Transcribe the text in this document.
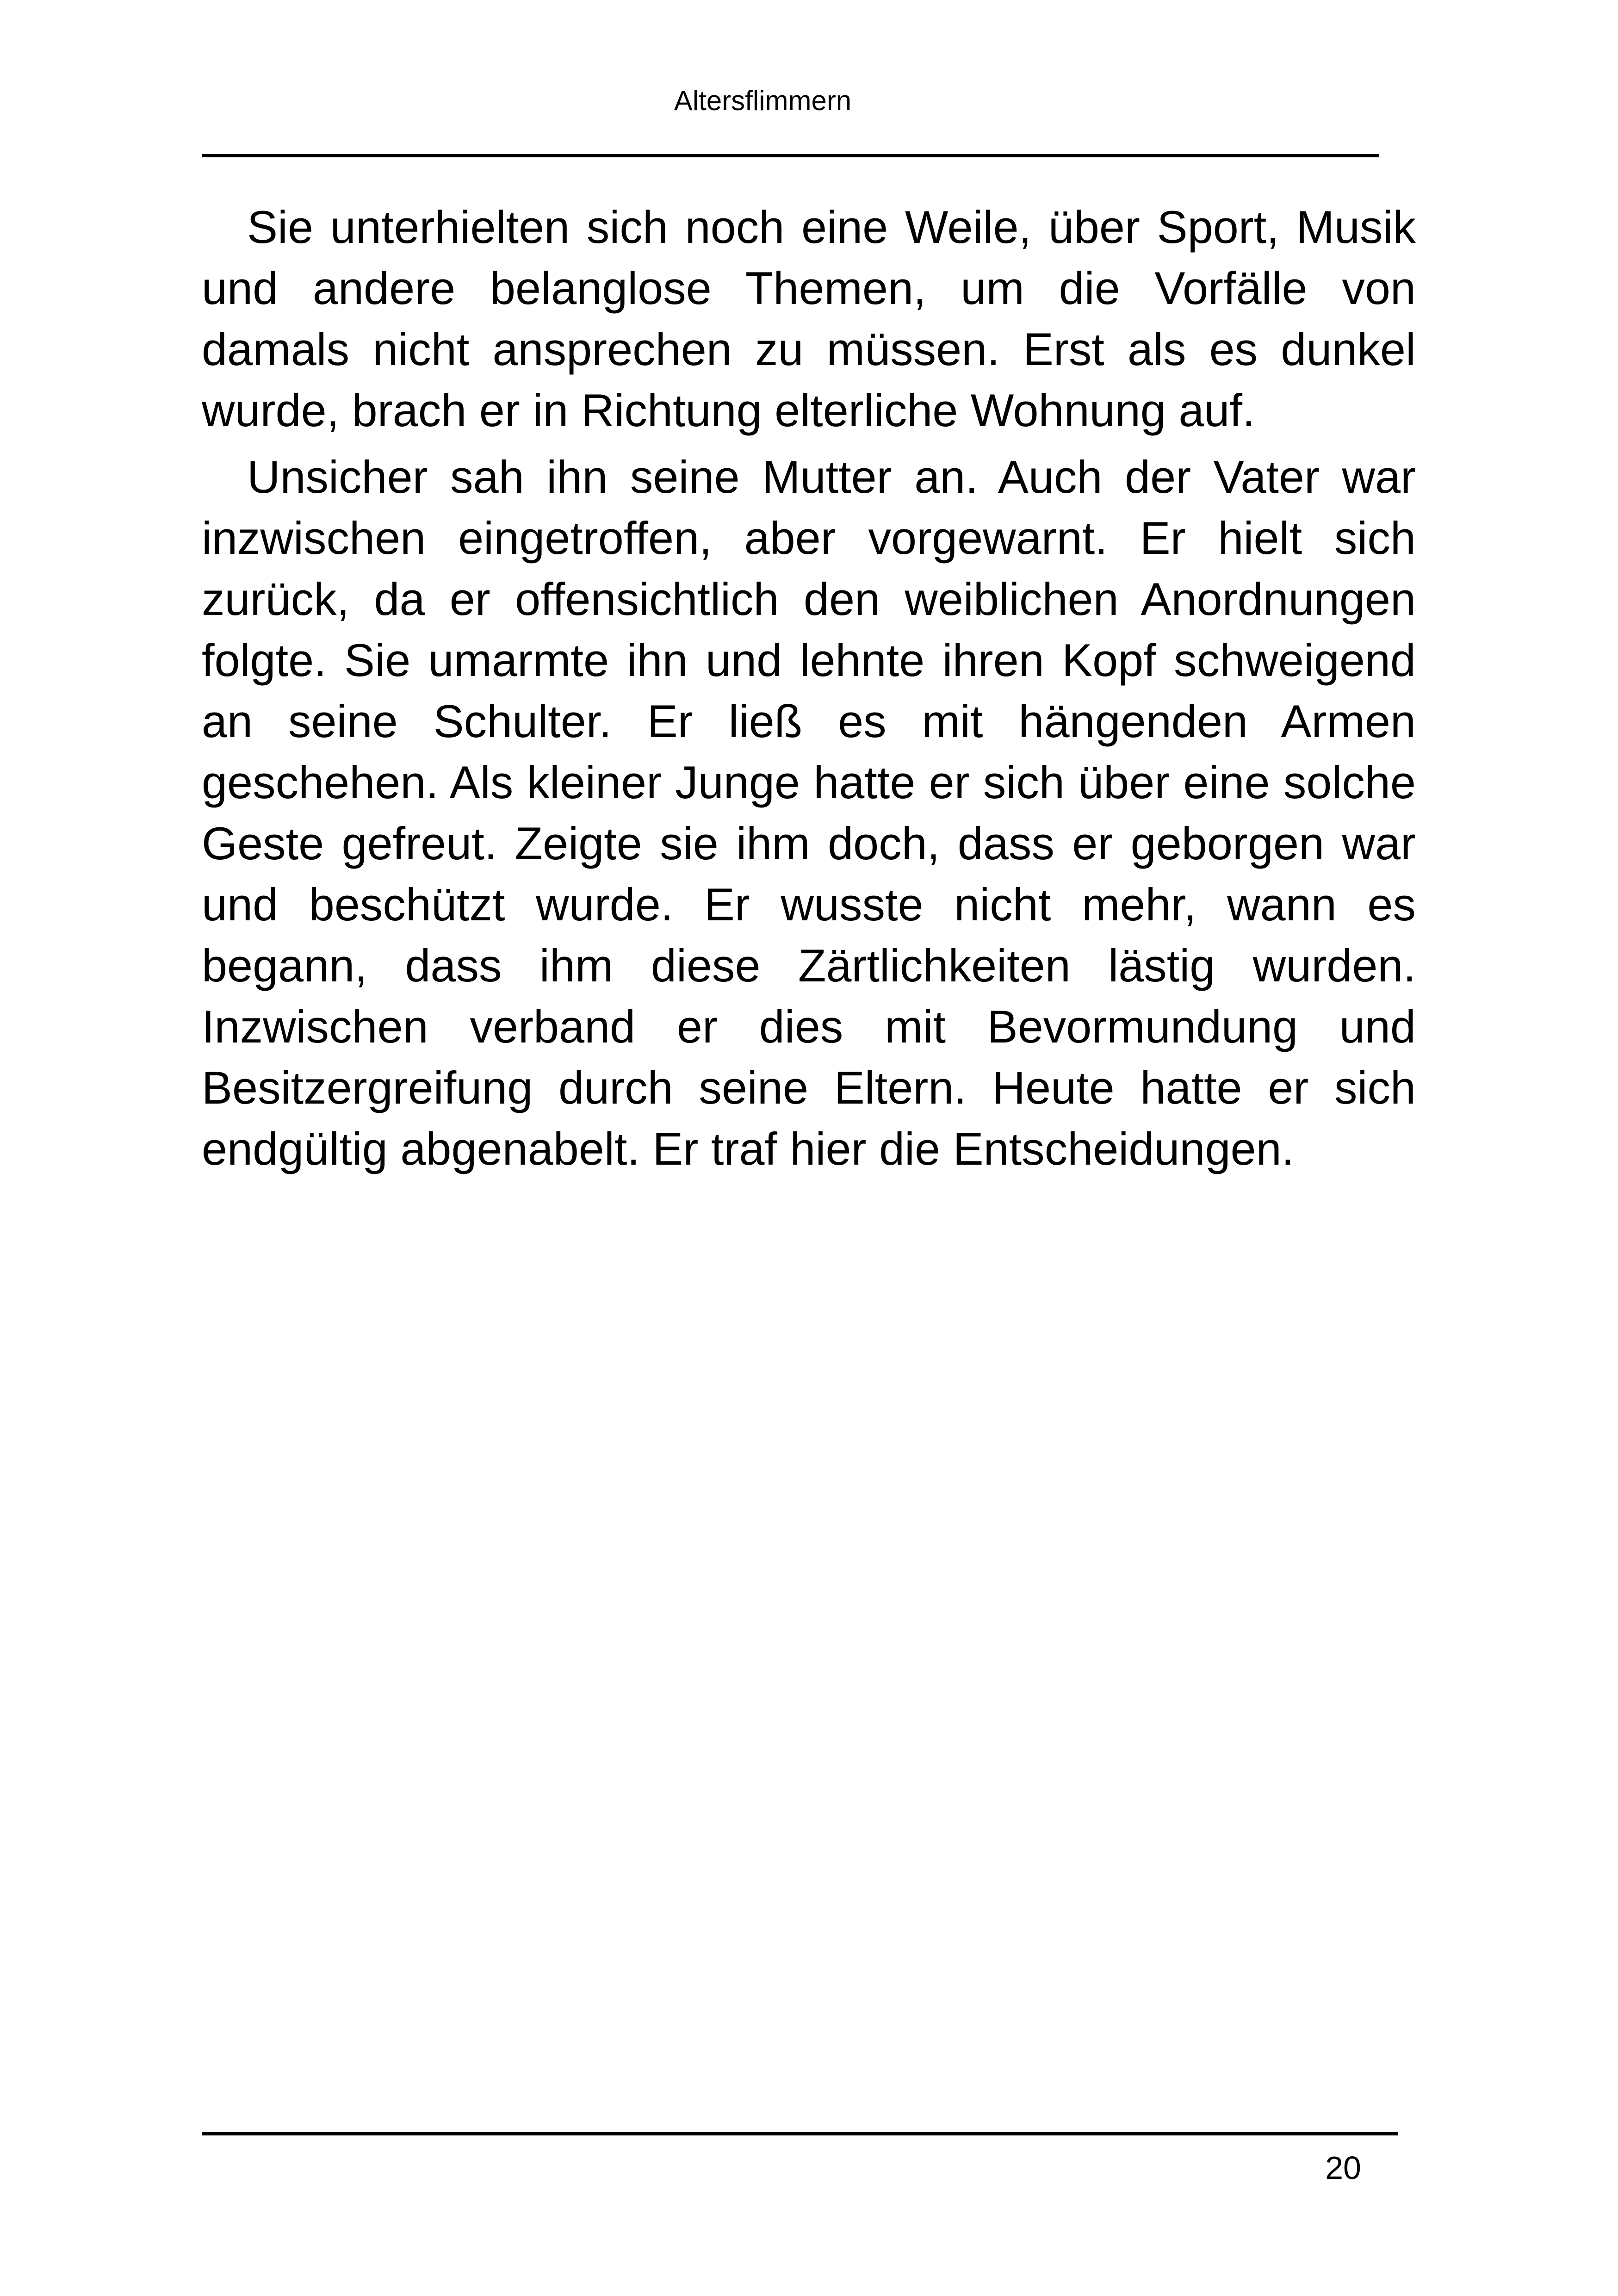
Altersflimmern

Sie unterhielten sich noch eine Weile, über Sport, Musik und andere belanglose Themen, um die Vorfälle von damals nicht ansprechen zu müssen. Erst als es dunkel wurde, brach er in Richtung elterliche Wohnung auf.

Unsicher sah ihn seine Mutter an. Auch der Vater war inzwischen eingetroffen, aber vorgewarnt. Er hielt sich zurück, da er offensichtlich den weiblichen Anordnungen folgte. Sie umarmte ihn und lehnte ihren Kopf schweigend an seine Schulter. Er ließ es mit hängenden Armen geschehen. Als kleiner Junge hatte er sich über eine solche Geste gefreut. Zeigte sie ihm doch, dass er geborgen war und beschützt wurde. Er wusste nicht mehr, wann es begann, dass ihm diese Zärtlichkeiten lästig wurden. Inzwischen verband er dies mit Bevormundung und Besitzergreifung durch seine Eltern. Heute hatte er sich endgültig abgenabelt. Er traf hier die Entscheidungen.

20
